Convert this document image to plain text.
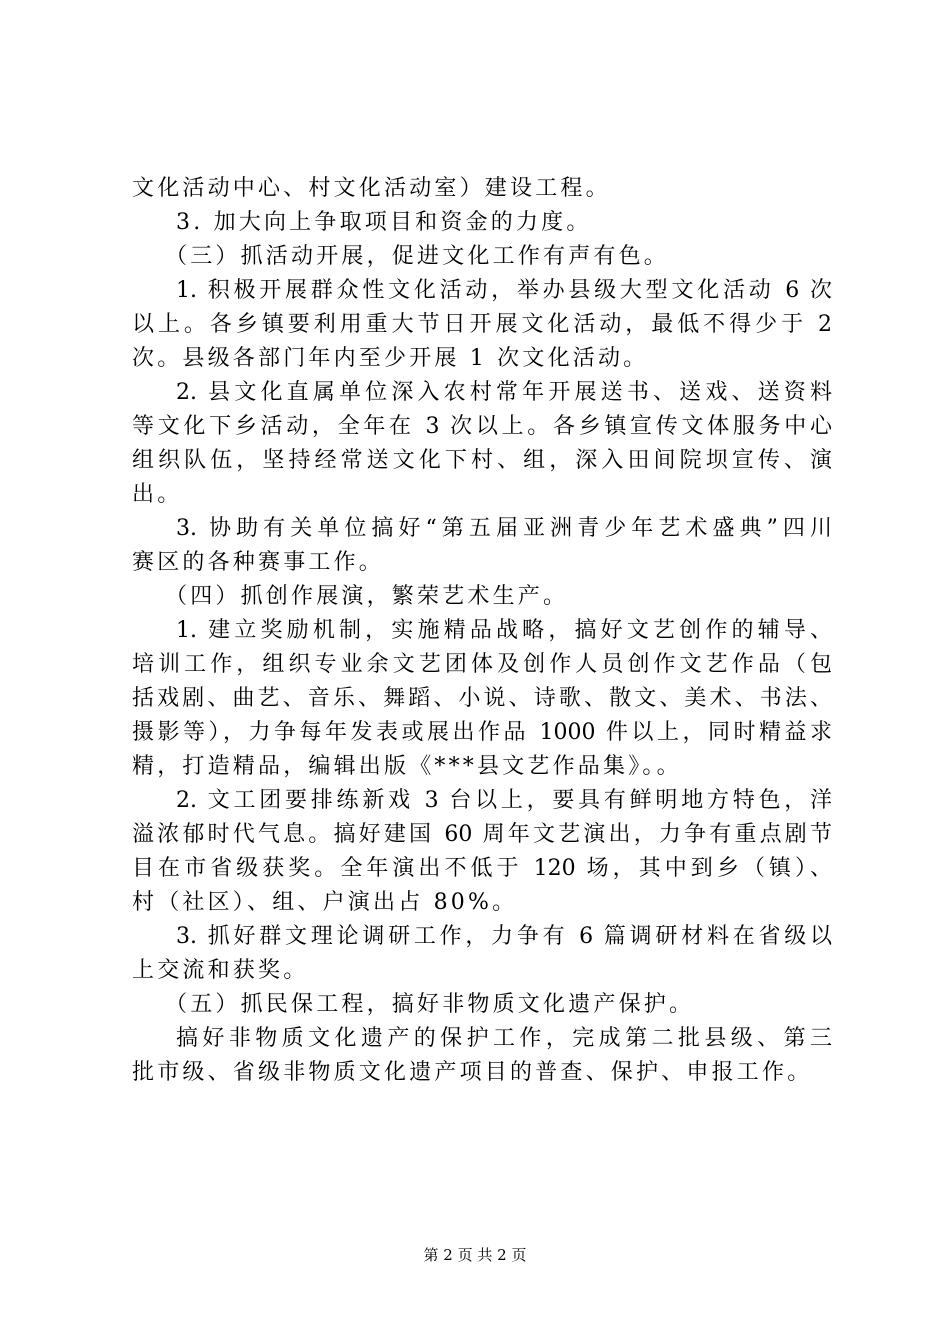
文化活动中心、村文化活动室）建设工程。
3. 加大向上争取项目和资金的力度。
（三）抓活动开展，促进文化工作有声有色。
1. 积极开展群众性文化活动，举办县级大型文化活动 6 次
以上。各乡镇要利用重大节日开展文化活动，最低不得少于 2
次。县级各部门年内至少开展 1 次文化活动。
2. 县文化直属单位深入农村常年开展送书、送戏、送资料
等文化下乡活动，全年在 3 次以上。各乡镇宣传文体服务中心
组织队伍，坚持经常送文化下村、组，深入田间院坝宣传、演
出。
3. 协助有关单位搞好“第五届亚洲青少年艺术盛典”四川
赛区的各种赛事工作。
（四）抓创作展演，繁荣艺术生产。
1. 建立奖励机制，实施精品战略，搞好文艺创作的辅导、
培训工作，组织专业余文艺团体及创作人员创作文艺作品（包
括戏剧、曲艺、音乐、舞蹈、小说、诗歌、散文、美术、书法、
摄影等），力争每年发表或展出作品 1000 件以上，同时精益求
精，打造精品，编辑出版《***县文艺作品集》。。
2. 文工团要排练新戏 3 台以上，要具有鲜明地方特色，洋
溢浓郁时代气息。搞好建国 60 周年文艺演出，力争有重点剧节
目在市省级获奖。全年演出不低于 120 场，其中到乡（镇）、
村（社区）、组、户演出占 80%。
3. 抓好群文理论调研工作，力争有 6 篇调研材料在省级以
上交流和获奖。
（五）抓民保工程，搞好非物质文化遗产保护。
搞好非物质文化遗产的保护工作，完成第二批县级、第三
批市级、省级非物质文化遗产项目的普查、保护、申报工作。
第 2 页 共 2 页
